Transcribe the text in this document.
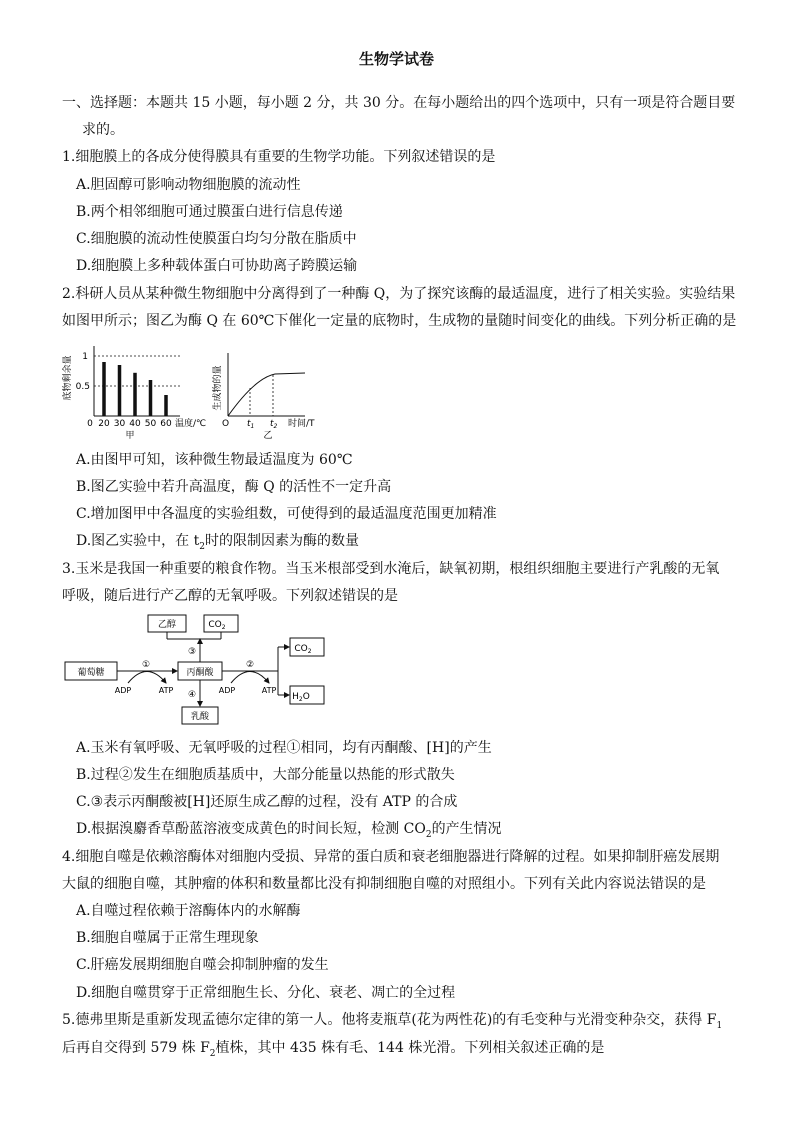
生物学试卷
一、选择题：本题共 15 小题，每小题 2 分，共 30 分。在每小题给出的四个选项中，只有一项是符合题目要
求的。
1.细胞膜上的各成分使得膜具有重要的生物学功能。下列叙述错误的是
A.胆固醇可影响动物细胞膜的流动性
B.两个相邻细胞可通过膜蛋白进行信息传递
C.细胞膜的流动性使膜蛋白均匀分散在脂质中
D.细胞膜上多种载体蛋白可协助离子跨膜运输
2.科研人员从某种微生物细胞中分离得到了一种酶 Q，为了探究该酶的最适温度，进行了相关实验。实验结果
如图甲所示；图乙为酶 Q 在 60℃下催化一定量的底物时，生成物的量随时间变化的曲线。下列分析正确的是
底物剩余量 1
0.5
0 20 30 40 50 60 温度/℃
甲
生成物的量
O $t_1$ $t_2$ 时间/T
乙
A.由图甲可知，该种微生物最适温度为 60℃
B.图乙实验中若升高温度，酶 Q 的活性不一定升高
C.增加图甲中各温度的实验组数，可使得到的最适温度范围更加精准
D.图乙实验中，在 $t_2$时的限制因素为酶的数量
3.玉米是我国一种重要的粮食作物。当玉米根部受到水淹后，缺氧初期，根组织细胞主要进行产乳酸的无氧
呼吸，随后进行产乙醇的无氧呼吸。下列叙述错误的是
乙醇	$CO_2$
葡萄糖	丙酮酸
$CO_2$
$H_2O$
乳酸
①
ADP	ATP
②
ADP	ATP
③
④
A.玉米有氧呼吸、无氧呼吸的过程①相同，均有丙酮酸、[H]的产生
B.过程②发生在细胞质基质中，大部分能量以热能的形式散失
C.③表示丙酮酸被[H]还原生成乙醇的过程，没有 ATP 的合成
D.根据溴麝香草酚蓝溶液变成黄色的时间长短，检测 $CO_2$的产生情况
4.细胞自噬是依赖溶酶体对细胞内受损、异常的蛋白质和衰老细胞器进行降解的过程。如果抑制肝癌发展期
大鼠的细胞自噬，其肿瘤的体积和数量都比没有抑制细胞自噬的对照组小。下列有关此内容说法错误的是
A.自噬过程依赖于溶酶体内的水解酶
B.细胞自噬属于正常生理现象
C.肝癌发展期细胞自噬会抑制肿瘤的发生
D.细胞自噬贯穿于正常细胞生长、分化、衰老、凋亡的全过程
5.德弗里斯是重新发现孟德尔定律的第一人。他将麦瓶草(花为两性花)的有毛变种与光滑变种杂交，获得 $F_1$
后再自交得到 579 株 $F_2$植株，其中 435 株有毛、144 株光滑。下列相关叙述正确的是
